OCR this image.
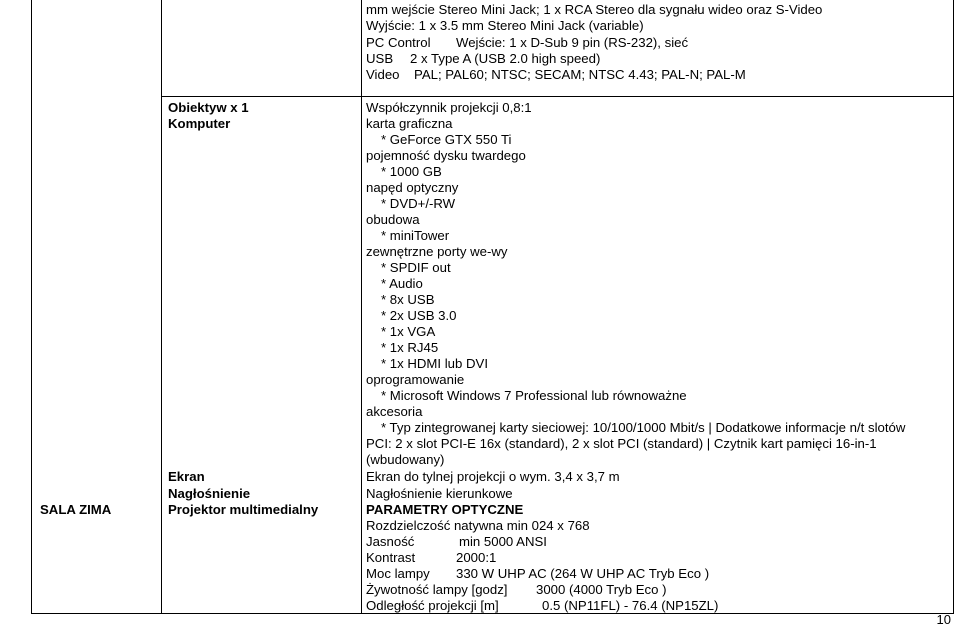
mm wejście Stereo Mini Jack; 1 x RCA Stereo dla sygnału wideo oraz S-Video
Wyjście: 1 x 3.5 mm Stereo Mini Jack (variable)
PC Control Wejście: 1 x D-Sub 9 pin (RS-232), sieć
USB 2 x Type A (USB 2.0 high speed)
Video PAL; PAL60; NTSC; SECAM; NTSC 4.43; PAL-N; PAL-M
Obiektyw x 1	Współczynnik projekcji 0,8:1
Komputer	karta graficzna
* GeForce GTX 550 Ti
pojemność dysku twardego
* 1000 GB
napęd optyczny
* DVD+/-RW
obudowa
* miniTower
zewnętrzne porty we-wy
* SPDIF out
* Audio
* 8x USB
* 2x USB 3.0
* 1x VGA
* 1x RJ45
* 1x HDMI lub DVI
oprogramowanie
* Microsoft Windows 7 Professional lub równoważne
akcesoria
* Typ zintegrowanej karty sieciowej: 10/100/1000 Mbit/s | Dodatkowe informacje n/t slotów
PCI: 2 x slot PCI-E 16x (standard), 2 x slot PCI (standard) | Czytnik kart pamięci 16-in-1
(wbudowany)
Ekran	Ekran do tylnej projekcji o wym. 3,4 x 3,7 m
Nagłośnienie	Nagłośnienie kierunkowe
SALA ZIMA	Projektor multimedialny	PARAMETRY OPTYCZNE
Rozdzielczość natywna min 024 x 768
Jasność	min 5000 ANSI
Kontrast	2000:1
Moc lampy 330 W UHP AC (264 W UHP AC Tryb Eco )
Żywotność lampy [godz] 3000 (4000 Tryb Eco )
Odległość projekcji [m]	0.5 (NP11FL) - 76.4 (NP15ZL)
10
